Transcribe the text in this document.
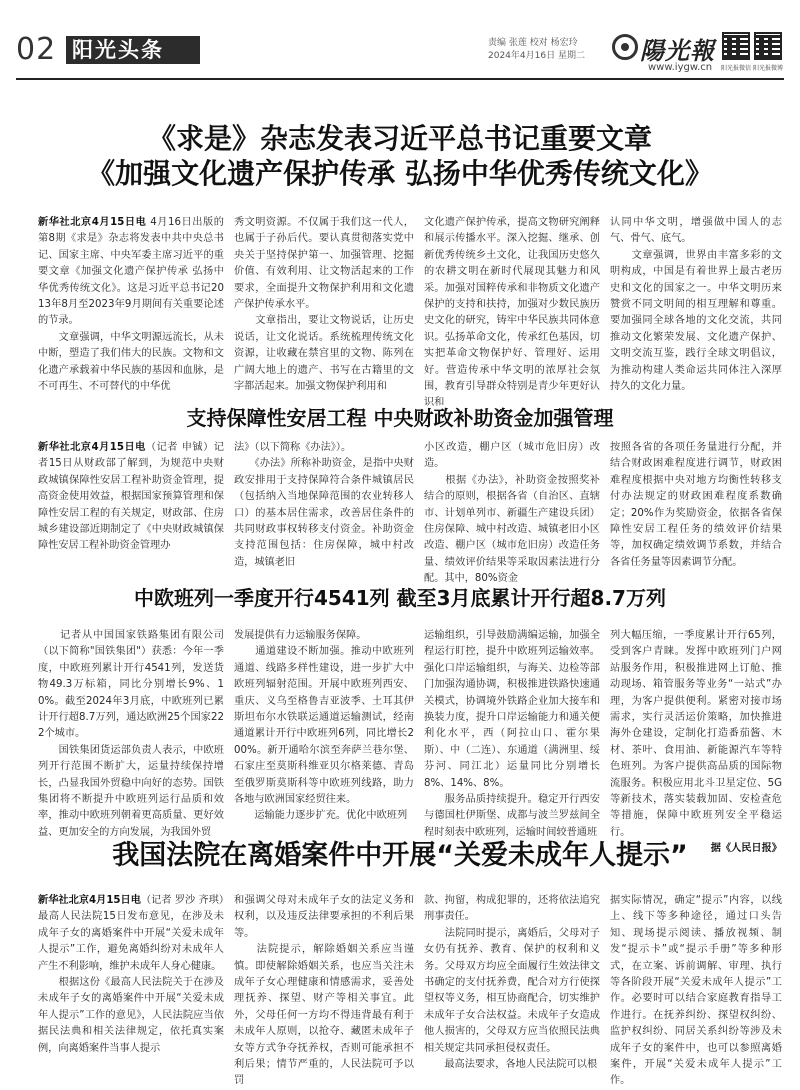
02 阳光头条	责编 张莲 校对 杨宏玲
2024年4月16日 星期二	陽光報
www.iygw.cn	阳光报微信 阳光报微博
《求是》杂志发表习近平总书记重要文章
《加强文化遗产保护传承 弘扬中华优秀传统文化》
新华社北京4月15日电 4月16日出版的第8期《求是》杂志将发表中共中央总书记、国家主席、中央军委主席习近平的重要文章《加强文化遗产保护传承 弘扬中华优秀传统文化》。这是习近平总书记2013年8月至2023年9月期间有关重要论述的节录。
　　文章强调，中华文明源远流长，从未中断，塑造了我们伟大的民族。文物和文化遗产承载着中华民族的基因和血脉，是不可再生、不可替代的中华优
秀文明资源。不仅属于我们这一代人，也属于子孙后代。要认真贯彻落实党中央关于坚持保护第一、加强管理、挖掘价值、有效利用、让文物活起来的工作要求，全面提升文物保护利用和文化遗产保护传承水平。
　　文章指出，要让文物说话，让历史说话，让文化说话。系统梳理传统文化资源，让收藏在禁宫里的文物、陈列在广阔大地上的遗产、书写在古籍里的文字都活起来。加强文物保护利用和
文化遗产保护传承，提高文物研究阐释和展示传播水平。深入挖掘、继承、创新优秀传统乡土文化，让我国历史悠久的农耕文明在新时代展现其魅力和风采。加强对国粹传承和非物质文化遗产保护的支持和扶持，加强对少数民族历史文化的研究，铸牢中华民族共同体意识。弘扬革命文化，传承红色基因，切实把革命文物保护好、管理好、运用好。营造传承中华文明的浓厚社会氛围，教育引导群众特别是青少年更好认识和
认同中华文明，增强做中国人的志气、骨气、底气。
　　文章强调，世界由丰富多彩的文明构成，中国是有着世界上最古老历史和文化的国家之一。中华文明历来赞赏不同文明间的相互理解和尊重。要加强同全球各地的文化交流，共同推动文化繁荣发展、文化遗产保护、文明交流互鉴，践行全球文明倡议，为推动构建人类命运共同体注入深厚持久的文化力量。
支持保障性安居工程 中央财政补助资金加强管理
新华社北京4月15日电（记者 申铖）记者15日从财政部了解到，为规范中央财政城镇保障性安居工程补助资金管理，提高资金使用效益，根据国家预算管理和保障性安居工程的有关规定，财政部、住房城乡建设部近期制定了《中央财政城镇保障性安居工程补助资金管理办
法》（以下简称《办法》）。
　　《办法》所称补助资金，是指中央财政安排用于支持保障符合条件城镇居民（包括纳入当地保障范围的农业转移人口）的基本居住需求，改善居住条件的共同财政事权转移支付资金。补助资金支持范围包括：住房保障，城中村改造，城镇老旧
小区改造，棚户区（城市危旧房）改造。
　　根据《办法》，补助资金按照奖补结合的原则，根据各省（自治区、直辖市、计划单列市、新疆生产建设兵团）住房保障、城中村改造、城镇老旧小区改造、棚户区（城市危旧房）改造任务量、绩效评价结果等采取因素法进行分配。其中，80%资金
按照各省的各项任务量进行分配，并结合财政困难程度进行调节，财政困难程度根据中央对地方均衡性转移支付办法规定的财政困难程度系数确定；20%作为奖励资金，依据各省保障性安居工程任务的绩效评价结果等，加权确定绩效调节系数，并结合各省任务量等因素调节分配。
中欧班列一季度开行4541列 截至3月底累计开行超8.7万列
　　记者从中国国家铁路集团有限公司（以下简称"国铁集团"）获悉：今年一季度，中欧班列累计开行4541列，发送货物49.3万标箱，同比分别增长9%、10%。截至2024年3月底，中欧班列已累计开行超8.7万列，通达欧洲25个国家222个城市。
　　国铁集团货运部负责人表示，中欧班列开行范围不断扩大，运量持续保持增长，凸显我国外贸稳中向好的态势。国铁集团将不断提升中欧班列运行品质和效率，推动中欧班列朝着更高质量、更好效益、更加安全的方向发展，为我国外贸
发展提供有力运输服务保障。
　　通道建设不断加强。推动中欧班列通道、线路多样性建设，进一步扩大中欧班列辐射范围。开展中欧班列西安、重庆、义乌至格鲁吉亚波季、土耳其伊斯坦布尔水铁联运通道运输测试，经南通道累计开行中欧班列6列，同比增长200%。新开通哈尔滨至奔萨兰巷尔堡、石家庄至莫斯科维亚贝尔格莱德、青岛至俄罗斯莫斯科等中欧班列线路，助力各地与欧洲国家经贸往来。
　　运输能力逐步扩充。优化中欧班列
运输组织，引导鼓励满编运输，加强全程运行盯控，提升中欧班列运输效率。强化口岸运输组织，与海关、边检等部门加强沟通协调，积极推进铁路快速通关模式，协调境外铁路企业加大接车和换装力度，提升口岸运输能力和通关便利化水平，西（阿拉山口、霍尔果斯）、中（二连）、东通道（满洲里、绥芬河、同江北）运量同比分别增长8%、14%、8%。
　　服务品质持续提升。稳定开行西安与德国杜伊斯堡、成都与波兰罗兹间全程时刻表中欧班列，运输时间较普通班
列大幅压缩，一季度累计开行65列，受到客户青睐。发挥中欧班列门户网站服务作用，积极推进网上订舱、推动现场、箱管服务等业务“一站式”办理，为客户提供便利。紧密对接市场需求，实行灵活运价策略，加快推进海外仓建设，定制化打造番茄酱、木材、茶叶、食用油、新能源汽车等特色班列。为客户提供高品质的国际物流服务。积极应用北斗卫星定位、5G等新技术，落实装载加固、安检查危等措施，保障中欧班列安全平稳运行。
据《人民日报》
我国法院在离婚案件中开展“关爱未成年人提示”
新华社北京4月15日电（记者 罗沙 齐琪）最高人民法院15日发布意见，在涉及未成年子女的离婚案件中开展“关爱未成年人提示”工作，避免离婚纠纷对未成年人产生不利影响，维护未成年人身心健康。
　　根据这份《最高人民法院关于在涉及未成年子女的离婚案件中开展“关爱未成年人提示”工作的意见》，人民法院应当依据民法典和相关法律规定，依托真实案例，向离婚案件当事人提示
和强调父母对未成年子女的法定义务和权利，以及违反法律要承担的不利后果等。
　　法院提示，解除婚姻关系应当谨慎。即使解除婚姻关系，也应当关注未成年子女心理健康和情感需求，妥善处理抚养、探望、财产等相关事宜。此外，父母任何一方均不得违背最有利于未成年人原则，以抢夺、藏匿未成年子女等方式争夺抚养权，否则可能承担不利后果；情节严重的，人民法院可予以罚
款、拘留，构成犯罪的，还将依法追究刑事责任。
　　法院同时提示，离婚后，父母对子女仍有抚养、教育、保护的权利和义务。父母双方均应全面履行生效法律文书确定的支付抚养费，配合对方行使探望权等义务，相互协商配合，切实维护未成年子女合法权益。未成年子女造成他人损害的，父母双方应当依照民法典相关规定共同承担侵权责任。
　　最高法要求，各地人民法院可以根
据实际情况，确定“提示”内容，以线上、线下等多种途径，通过口头告知、现场提示阅读、播放视频、制发“提示卡”或“提示手册”等多种形式，在立案、诉前调解、审理、执行等各阶段开展“关爱未成年人提示”工作。必要时可以结合家庭教育指导工作进行。在抚养纠纷、探望权纠纷、监护权纠纷、同居关系纠纷等涉及未成年子女的案件中，也可以参照离婚案件，开展“关爱未成年人提示”工作。
